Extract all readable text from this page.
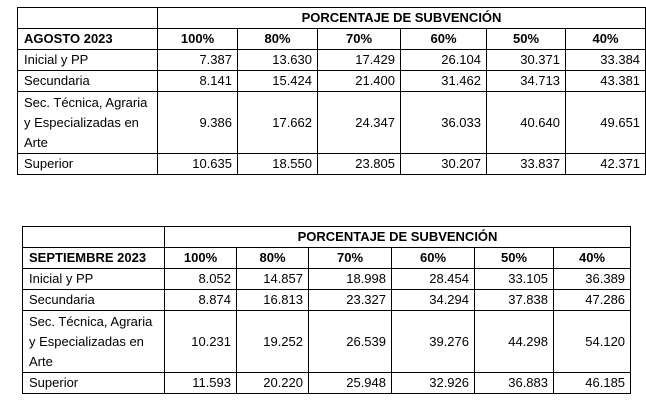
	PORCENTAJE DE SUBVENCIÓN					
AGOSTO 2023	100%	80%	70%	60%	50%	40%
Inicial y PP	7.387	13.630	17.429	26.104	30.371	33.384
Secundaria	8.141	15.424	21.400	31.462	34.713	43.381
Sec. Técnica, Agraria y Especializadas en Arte	9.386	17.662	24.347	36.033	40.640	49.651
Superior	10.635	18.550	23.805	30.207	33.837	42.371
	PORCENTAJE DE SUBVENCIÓN					
SEPTIEMBRE 2023	100%	80%	70%	60%	50%	40%
Inicial y PP	8.052	14.857	18.998	28.454	33.105	36.389
Secundaria	8.874	16.813	23.327	34.294	37.838	47.286
Sec. Técnica, Agraria y Especializadas en Arte	10.231	19.252	26.539	39.276	44.298	54.120
Superior	11.593	20.220	25.948	32.926	36.883	46.185
